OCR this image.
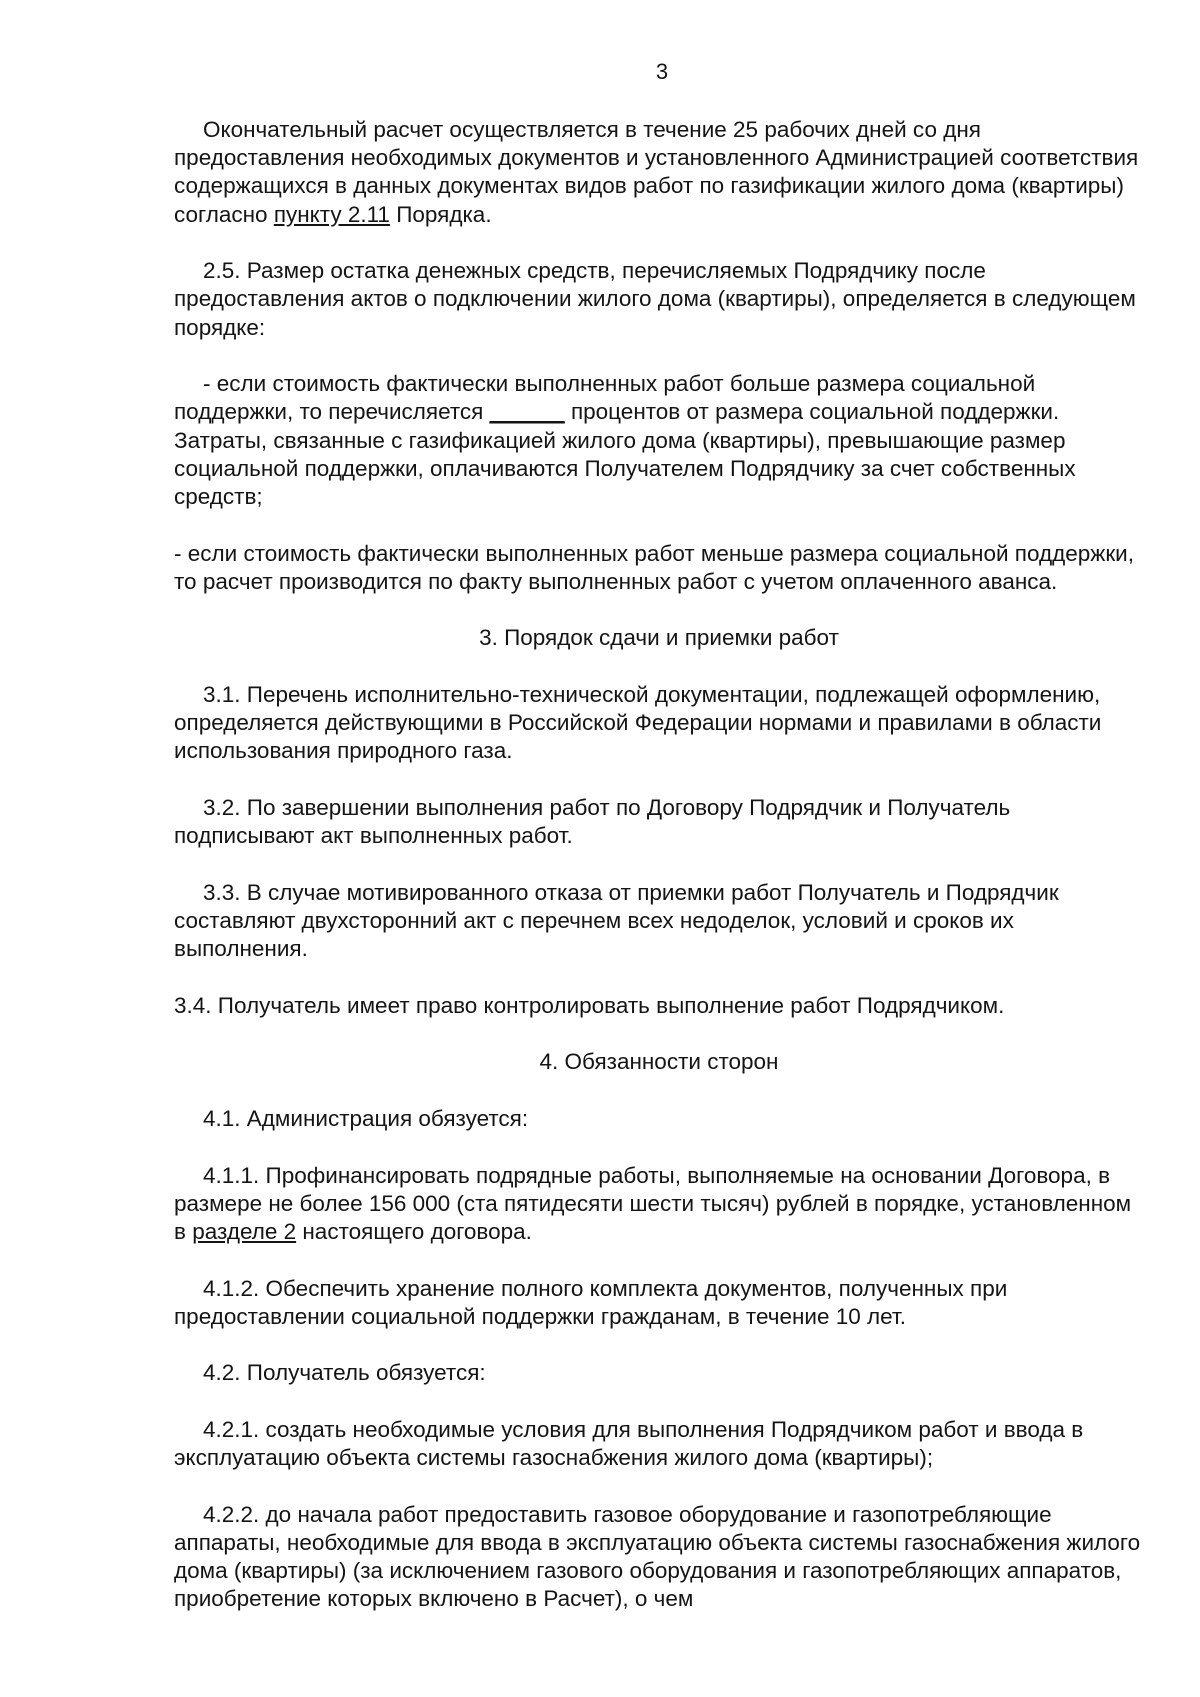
3

Окончательный расчет осуществляется в течение 25 рабочих дней со дня предоставления необходимых документов и установленного Администрацией соответствия содержащихся в данных документах видов работ по газификации жилого дома (квартиры) согласно пункту 2.11 Порядка.

2.5. Размер остатка денежных средств, перечисляемых Подрядчику после предоставления актов о подключении жилого дома (квартиры), определяется в следующем порядке:

- если стоимость фактически выполненных работ больше размера социальной поддержки, то перечисляется ______ процентов от размера социальной поддержки. Затраты, связанные с газификацией жилого дома (квартиры), превышающие размер социальной поддержки, оплачиваются Получателем Подрядчику за счет собственных средств;

- если стоимость фактически выполненных работ меньше размера социальной поддержки, то расчет производится по факту выполненных работ с учетом оплаченного аванса.

3. Порядок сдачи и приемки работ

3.1. Перечень исполнительно-технической документации, подлежащей оформлению, определяется действующими в Российской Федерации нормами и правилами в области использования природного газа.

3.2. По завершении выполнения работ по Договору Подрядчик и Получатель подписывают акт выполненных работ.

3.3. В случае мотивированного отказа от приемки работ Получатель и Подрядчик составляют двухсторонний акт с перечнем всех недоделок, условий и сроков их выполнения.

3.4. Получатель имеет право контролировать выполнение работ Подрядчиком.

4. Обязанности сторон

4.1. Администрация обязуется:

4.1.1. Профинансировать подрядные работы, выполняемые на основании Договора, в размере не более 156 000 (ста пятидесяти шести тысяч) рублей в порядке, установленном в разделе 2 настоящего договора.

4.1.2. Обеспечить хранение полного комплекта документов, полученных при предоставлении социальной поддержки гражданам, в течение 10 лет.

4.2. Получатель обязуется:

4.2.1. создать необходимые условия для выполнения Подрядчиком работ и ввода в эксплуатацию объекта системы газоснабжения жилого дома (квартиры);

4.2.2. до начала работ предоставить газовое оборудование и газопотребляющие аппараты, необходимые для ввода в эксплуатацию объекта системы газоснабжения жилого дома (квартиры) (за исключением газового оборудования и газопотребляющих аппаратов, приобретение которых включено в Расчет), о чем
